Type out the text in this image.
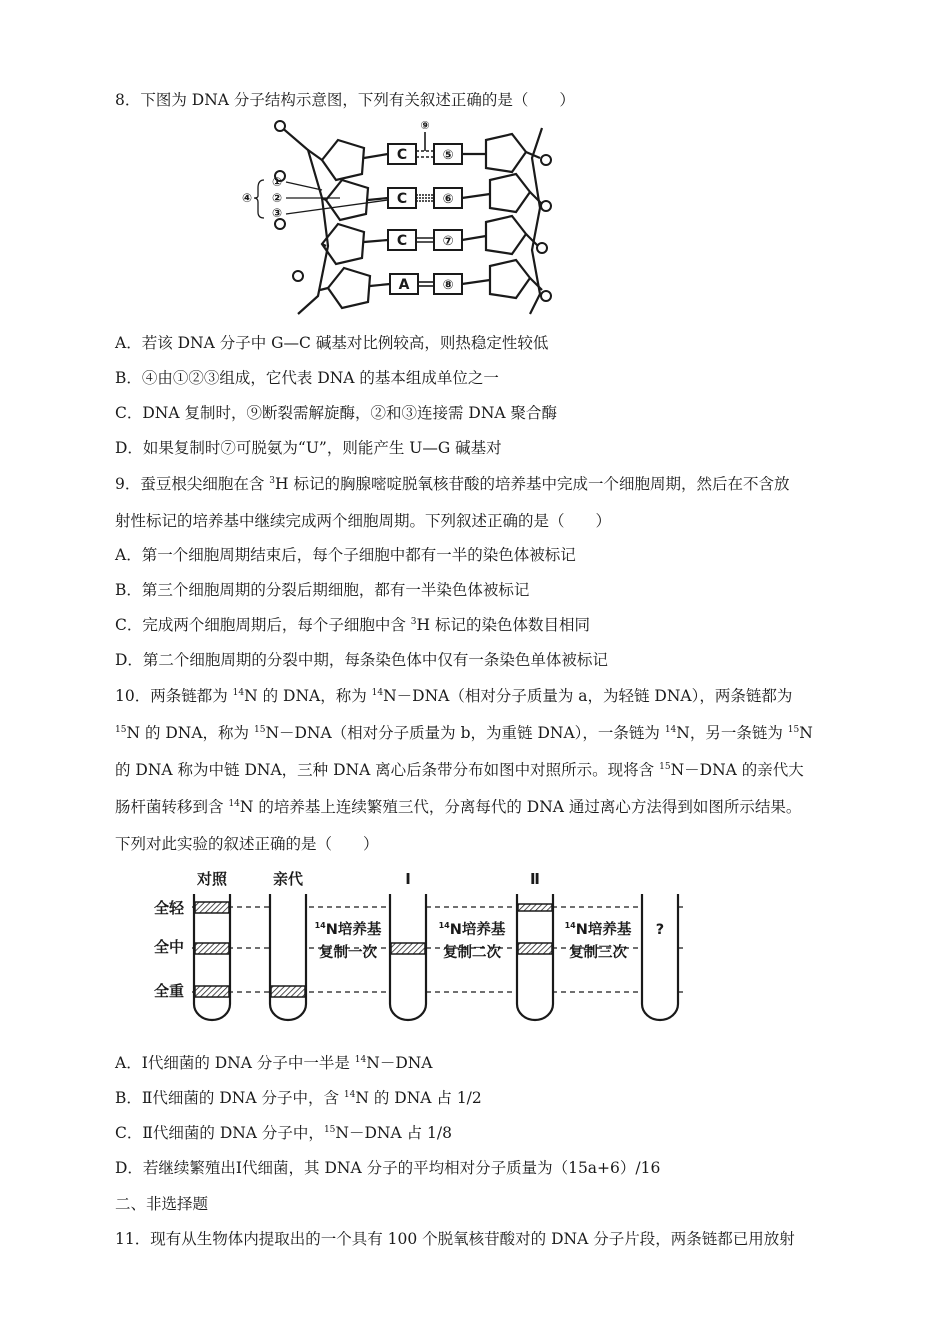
8．下图为 DNA 分子结构示意图，下列有关叙述正确的是（　　）
C
C
C
A
⑤
⑥
⑦
⑧
⑨
④
①
②
③
A．若该 DNA 分子中 G—C 碱基对比例较高，则热稳定性较低
B．④由①②③组成，它代表 DNA 的基本组成单位之一
C．DNA 复制时，⑨断裂需解旋酶，②和③连接需 DNA 聚合酶
D．如果复制时⑦可脱氨为“U”，则能产生 U—G 碱基对
9．蚕豆根尖细胞在含 $^3$H 标记的胸腺嘧啶脱氧核苷酸的培养基中完成一个细胞周期，然后在不含放
射性标记的培养基中继续完成两个细胞周期。下列叙述正确的是（　　）
A．第一个细胞周期结束后，每个子细胞中都有一半的染色体被标记
B．第三个细胞周期的分裂后期细胞，都有一半染色体被标记
C．完成两个细胞周期后，每个子细胞中含 $^3$H 标记的染色体数目相同
D．第二个细胞周期的分裂中期，每条染色体中仅有一条染色单体被标记
10．两条链都为 $^{14}$N 的 DNA，称为 $^{14}$N－DNA（相对分子质量为 a，为轻链 DNA），两条链都为
$^{15}$N 的 DNA，称为 $^{15}$N－DNA（相对分子质量为 b，为重链 DNA），一条链为 $^{14}$N，另一条链为 $^{15}$N
的 DNA 称为中链 DNA，三种 DNA 离心后条带分布如图中对照所示。现将含 $^{15}$N－DNA 的亲代大
肠杆菌转移到含 $^{14}$N 的培养基上连续繁殖三代，分离每代的 DNA 通过离心方法得到如图所示结果。
下列对此实验的叙述正确的是（　　）
对照	亲代	Ⅰ	Ⅱ
全轻
全中
全重
$^{14}$N培养基
复制一次
$^{14}$N培养基
复制二次
$^{14}$N培养基
复制三次
?
A．Ⅰ代细菌的 DNA 分子中一半是 $^{14}$N－DNA
B．Ⅱ代细菌的 DNA 分子中，含 $^{14}$N 的 DNA 占 1/2
C．Ⅱ代细菌的 DNA 分子中，$^{15}$N－DNA 占 1/8
D．若继续繁殖出Ⅰ代细菌，其 DNA 分子的平均相对分子质量为（15a+6）/16
二、非选择题
11．现有从生物体内提取出的一个具有 100 个脱氧核苷酸对的 DNA 分子片段，两条链都已用放射
